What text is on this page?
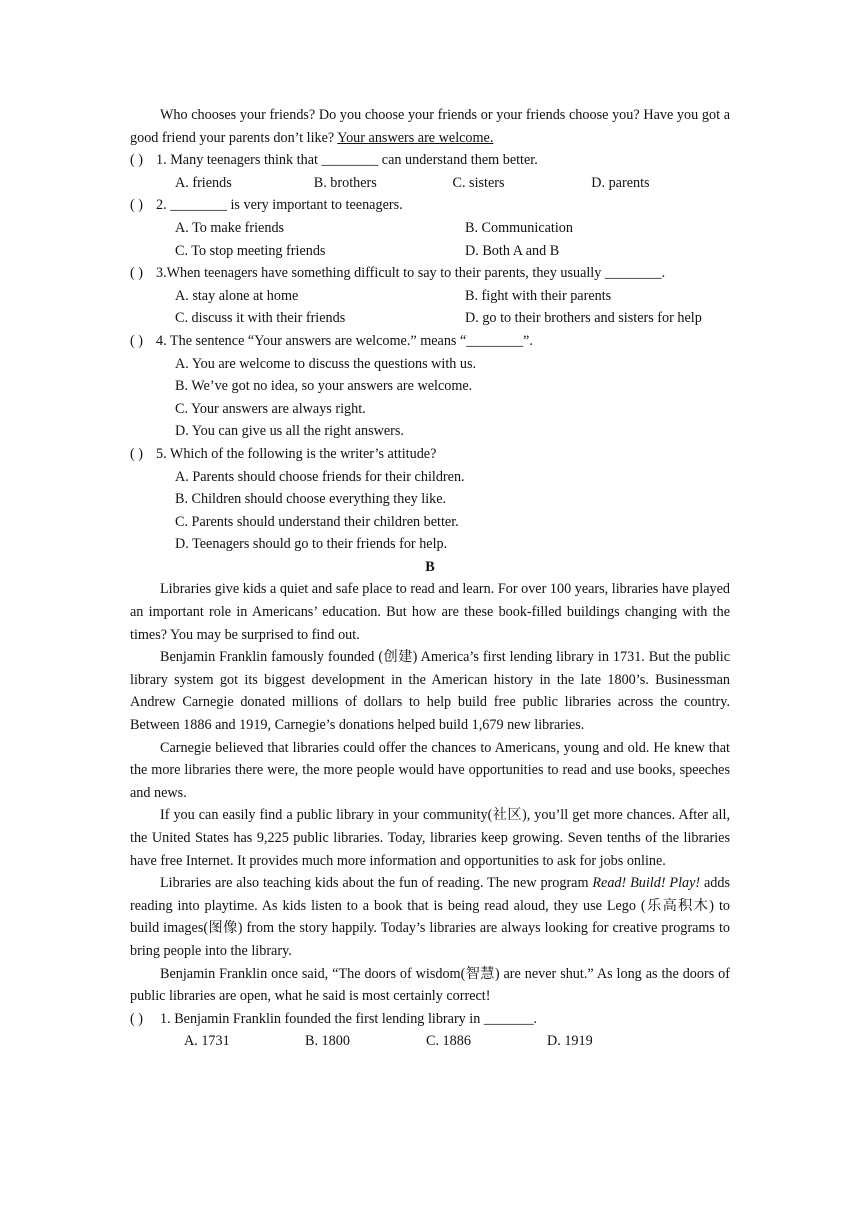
Who chooses your friends? Do you choose your friends or your friends choose you? Have you got a good friend your parents don’t like? Your answers are welcome.

( ) 1. Many teenagers think that ________ can understand them better.

A. friends	B. brothers	C. sisters	D. parents

( ) 2. ________ is very important to teenagers.

A. To make friends	B. Communication
C. To stop meeting friends	D. Both A and B

( ) 3.When teenagers have something difficult to say to their parents, they usually ________.

A. stay alone at home	B. fight with their parents
C. discuss it with their friends	D. go to their brothers and sisters for help

( ) 4. The sentence “Your answers are welcome.” means “________”.

A. You are welcome to discuss the questions with us.

B. We’ve got no idea, so your answers are welcome.

C. Your answers are always right.

D. You can give us all the right answers.

( ) 5. Which of the following is the writer’s attitude?

A. Parents should choose friends for their children.

B. Children should choose everything they like.

C. Parents should understand their children better.

D. Teenagers should go to their friends for help.

B

Libraries give kids a quiet and safe place to read and learn. For over 100 years, libraries have played an important role in Americans’ education. But how are these book-filled buildings changing with the times? You may be surprised to find out.

Benjamin Franklin famously founded (创建) America’s first lending library in 1731. But the public library system got its biggest development in the American history in the late 1800’s. Businessman Andrew Carnegie donated millions of dollars to help build free public libraries across the country. Between 1886 and 1919, Carnegie’s donations helped build 1,679 new libraries.

Carnegie believed that libraries could offer the chances to Americans, young and old. He knew that the more libraries there were, the more people would have opportunities to read and use books, speeches and news.

If you can easily find a public library in your community(社区), you’ll get more chances. After all, the United States has 9,225 public libraries. Today, libraries keep growing. Seven tenths of the libraries have free Internet. It provides much more information and opportunities to ask for jobs online.

Libraries are also teaching kids about the fun of reading. The new program Read! Build! Play! adds reading into playtime. As kids listen to a book that is being read aloud, they use Lego (乐高积木) to build images(图像) from the story happily. Today’s libraries are always looking for creative programs to bring people into the library.

Benjamin Franklin once said, “The doors of wisdom(智慧) are never shut.” As long as the doors of public libraries are open, what he said is most certainly correct!

( )	1. Benjamin Franklin founded the first lending library in _______.

A. 1731	B. 1800	C. 1886	D. 1919
